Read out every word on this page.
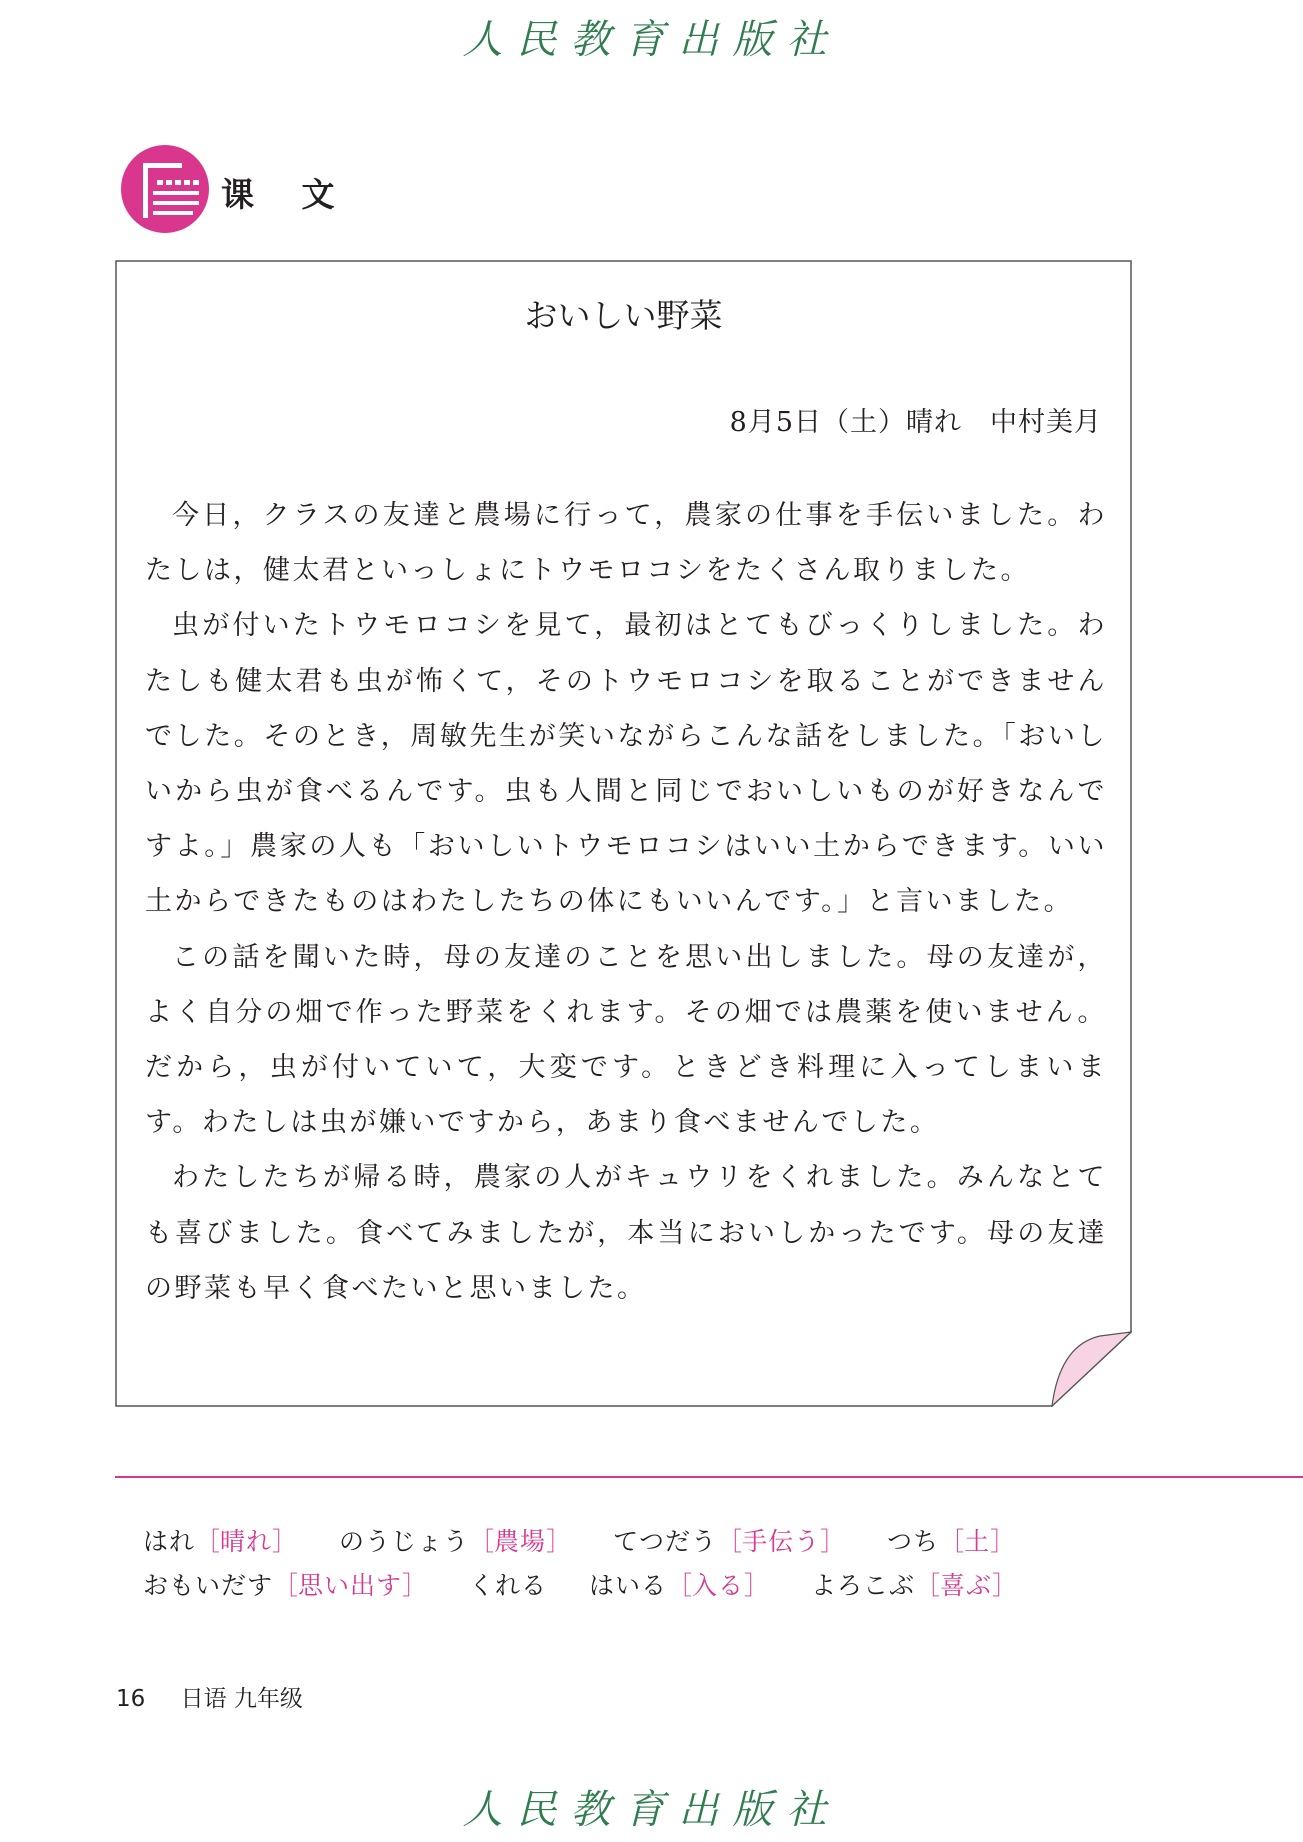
人民教育出版社
课 文
おいしい野菜
8月5日（土）晴れ　中村美月

今日，クラスの友達と農場に行って，農家の仕事を手伝いました。わたしは，健太君といっしょにトウモロコシをたくさん取りました。

虫が付いたトウモロコシを見て，最初はとてもびっくりしました。わたしも健太君も虫が怖くて，そのトウモロコシを取ることができませんでした。そのとき，周敏先生が笑いながらこんな話をしました。「おいしいから虫が食べるんです。虫も人間と同じでおいしいものが好きなんですよ。」農家の人も「おいしいトウモロコシはいい土からできます。いい土からできたものはわたしたちの体にもいいんです。」と言いました。

この話を聞いた時，母の友達のことを思い出しました。母の友達が，よく自分の畑で作った野菜をくれます。その畑では農薬を使いません。だから，虫が付いていて，大変です。ときどき料理に入ってしまいます。わたしは虫が嫌いですから，あまり食べませんでした。

わたしたちが帰る時，農家の人がキュウリをくれました。みんなとても喜びました。食べてみましたが，本当においしかったです。母の友達の野菜も早く食べたいと思いました。

はれ［晴れ］ のうじょう［農場］ てつだう［手伝う］ つち［土］
おもいだす［思い出す］ くれる はいる［入る］ よろこぶ［喜ぶ］
16 日语 九年级
人民教育出版社
